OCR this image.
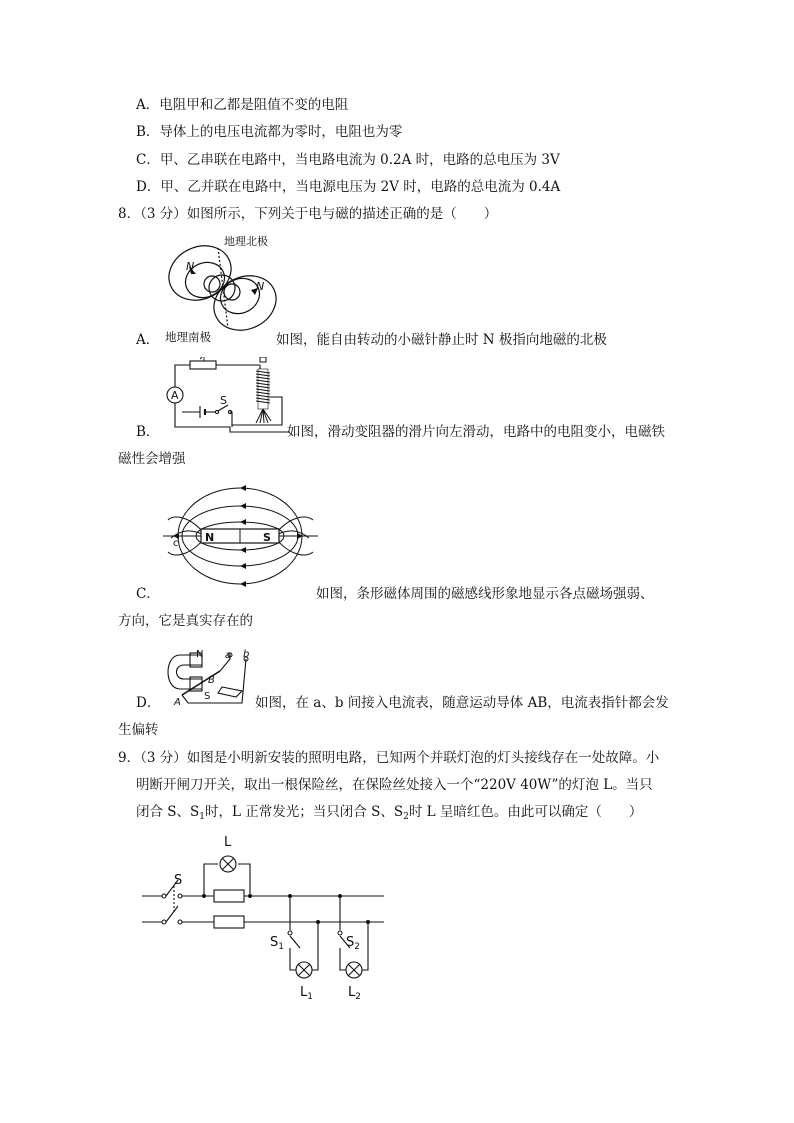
A．电阻甲和乙都是阻值不变的电阻
B．导体上的电压电流都为零时，电阻也为零
C．甲、乙串联在电路中，当电路电流为 0.2A 时，电路的总电压为 3V
D．甲、乙并联在电路中，当电源电压为 2V 时，电路的总电流为 0.4A
8．（3 分）如图所示，下列关于电与磁的描述正确的是（　　）
地理北极
N
N
A． 地理南极	如图，能自由转动的小磁针静止时 N 极指向地磁的北极
A	S
B．	如图，滑动变阻器的滑片向左滑动，电路中的电阻变小，电磁铁
磁性会增强
N	S
c
C．	如图，条形磁体周围的磁感线形象地显示各点磁场强弱、
方向，它是真实存在的
N
S
A
B
a b
D．	如图，在 a、b 间接入电流表，随意运动导体 AB，电流表指针都会发
生偏转
9．（3 分）如图是小明新安装的照明电路，已知两个并联灯泡的灯头接线存在一处故障。小
明断开闸刀开关，取出一根保险丝，在保险丝处接入一个“220V 40W”的灯泡 L。当只
闭合 S、$S_1$时，L 正常发光；当只闭合 S、$S_2$时 L 呈暗红色。由此可以确定（　　）
L
S
$S_1$	$S_2$
$L_1$	$L_2$
